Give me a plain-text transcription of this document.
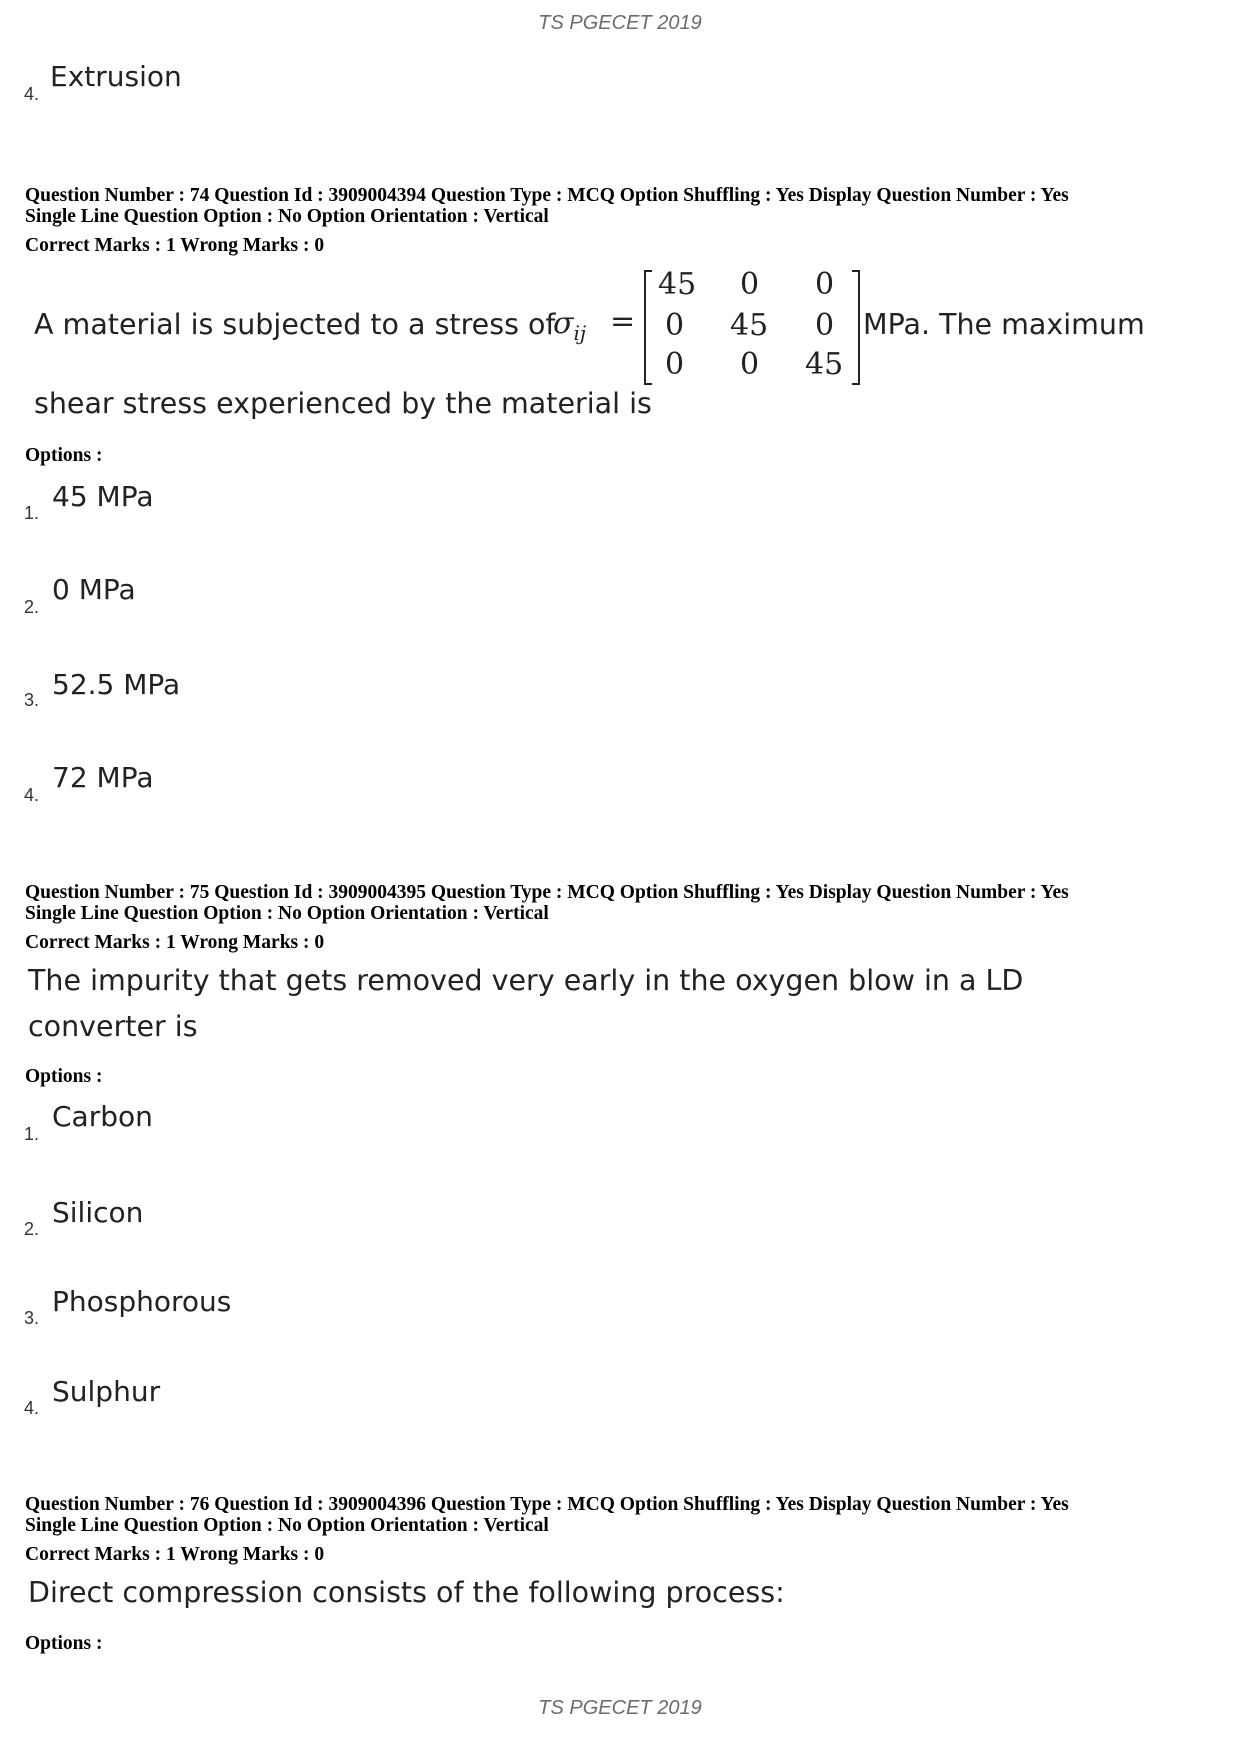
TS PGECET 2019
4.
Extrusion
Question Number : 74 Question Id : 3909004394 Question Type : MCQ Option Shuffling : Yes Display Question Number : Yes
Single Line Question Option : No Option Orientation : Vertical
Correct Marks : 1 Wrong Marks : 0
A material is subjected to a stress of
$\sigma_{ij}$ =
45 0 0
0 45 0
0 0 45
MPa. The maximum
shear stress experienced by the material is
Options :
1. 45 MPa
2.
0 MPa
3. 52.5 MPa
4.
72 MPa
Question Number : 75 Question Id : 3909004395 Question Type : MCQ Option Shuffling : Yes Display Question Number : Yes
Single Line Question Option : No Option Orientation : Vertical
Correct Marks : 1 Wrong Marks : 0
The impurity that gets removed very early in the oxygen blow in a LD
converter is
Options :
1.
Carbon
2. Silicon
3. Phosphorous
4. Sulphur
Question Number : 76 Question Id : 3909004396 Question Type : MCQ Option Shuffling : Yes Display Question Number : Yes
Single Line Question Option : No Option Orientation : Vertical
Correct Marks : 1 Wrong Marks : 0
Direct compression consists of the following process:
Options :
TS PGECET 2019
